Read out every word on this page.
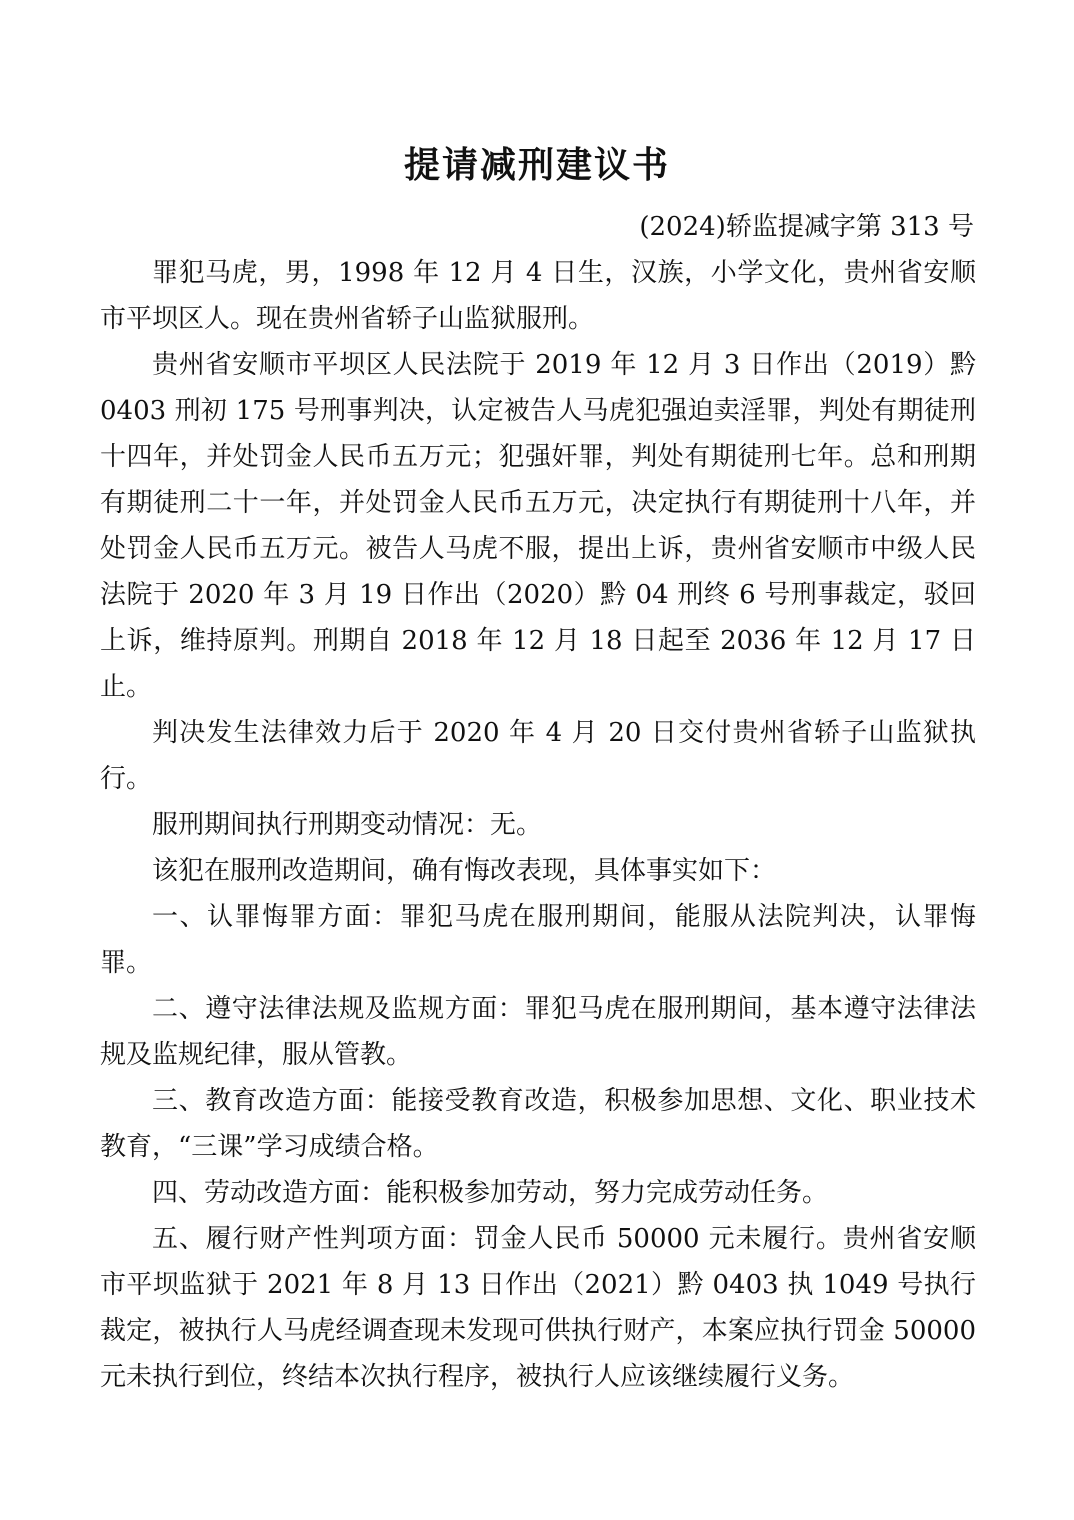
提请减刑建议书
(2024)轿监提减字第 313 号

罪犯马虎，男，1998 年 12 月 4 日生，汉族，小学文化，贵州省安顺市平坝区人。现在贵州省轿子山监狱服刑。

贵州省安顺市平坝区人民法院于 2019 年 12 月 3 日作出（2019）黔 0403 刑初 175 号刑事判决，认定被告人马虎犯强迫卖淫罪，判处有期徒刑十四年，并处罚金人民币五万元；犯强奸罪，判处有期徒刑七年。总和刑期有期徒刑二十一年，并处罚金人民币五万元，决定执行有期徒刑十八年，并处罚金人民币五万元。被告人马虎不服，提出上诉，贵州省安顺市中级人民法院于 2020 年 3 月 19 日作出（2020）黔 04 刑终 6 号刑事裁定，驳回上诉，维持原判。刑期自 2018 年 12 月 18 日起至 2036 年 12 月 17 日止。

判决发生法律效力后于 2020 年 4 月 20 日交付贵州省轿子山监狱执行。

服刑期间执行刑期变动情况：无。

该犯在服刑改造期间，确有悔改表现，具体事实如下：

一、认罪悔罪方面：罪犯马虎在服刑期间，能服从法院判决，认罪悔罪。

二、遵守法律法规及监规方面：罪犯马虎在服刑期间，基本遵守法律法规及监规纪律，服从管教。

三、教育改造方面：能接受教育改造，积极参加思想、文化、职业技术教育，“三课”学习成绩合格。

四、劳动改造方面：能积极参加劳动，努力完成劳动任务。

五、履行财产性判项方面：罚金人民币 50000 元未履行。贵州省安顺市平坝监狱于 2021 年 8 月 13 日作出（2021）黔 0403 执 1049 号执行裁定，被执行人马虎经调查现未发现可供执行财产，本案应执行罚金 50000 元未执行到位，终结本次执行程序，被执行人应该继续履行义务。
